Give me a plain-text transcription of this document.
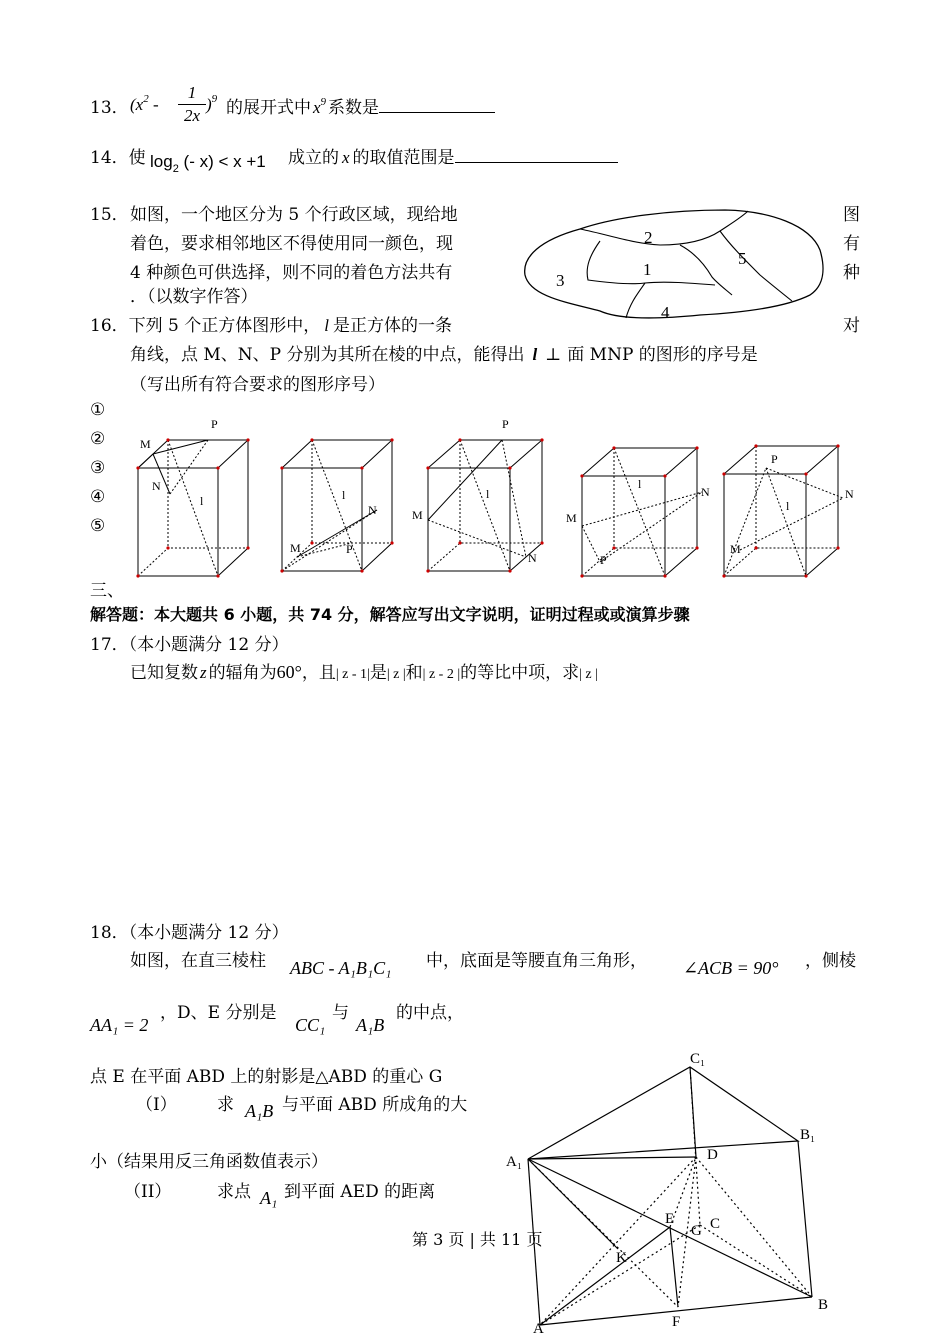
13． ($x^2$ -
1
2x
)$^9$ 的展开式中 $x^9$ 系数是
14．使 $\log_2$ (- x) < x +1 成立的 x 的取值范围是
15． 如图，一个地区分为 5 个行政区域，现给地
着色，要求相邻地区不得使用同一颜色，现
4 种颜色可供选择，则不同的着色方法共有
．（以数字作答）
图
有
种
2
1
5
3
4
16．下列 5 个正方体图形中， l 是正方体的一条	对
角线，点 M、N、P 分别为其所在棱的中点，能得出 l ⊥ 面 MNP 的图形的序号是
（写出所有符合要求的图形序号）
①
②
③
④
⑤
M
N
P
l
M
N
P
l
M
N
P
l
M
N
P
l
M
N
P
l
三、
解答题：本大题共 6 小题，共 74 分，解答应写出文字说明，证明过程或或演算步骤
17．（本小题满分 12 分）
已知复数 z 的辐角为60°，且| z - 1|是| z |和| z - 2 |的等比中项，求| z |
18．（本小题满分 12 分）
如图，在直三棱柱 ABC - A₁B₁C₁ 中，底面是等腰直角三角形， ∠ACB = 90° ，侧棱
AA₁ = 2
，D、E 分别是
CC₁
与
A₁B
的中点，
点 E 在平面 ABD 上的射影是△ABD 的重心 G
（I） 求 A₁B 与平面 ABD 所成角的大
小（结果用反三角函数值表示）
（II）	求点 A₁ 到平面 AED 的距离
C₁
B₁
A₁	D
E
G C
K
B
A	F
第 3 页 | 共 11 页
